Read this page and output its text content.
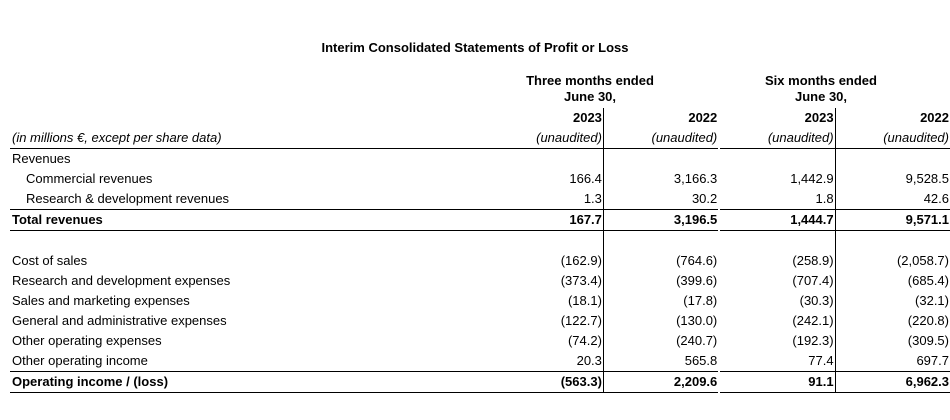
Interim Consolidated Statements of Profit or Loss
Three months ended
June 30,
Six months ended
June 30,
	2023	2022		2023	2022
(in millions €, except per share data)	(unaudited)	(unaudited)		(unaudited)	(unaudited)
Revenues					
Commercial revenues	166.4	3,166.3		1,442.9	9,528.5
Research & development revenues	1.3	30.2		1.8	42.6
Total revenues	167.7	3,196.5		1,444.7	9,571.1

Cost of sales	(162.9)	(764.6)		(258.9)	(2,058.7)
Research and development expenses	(373.4)	(399.6)		(707.4)	(685.4)
Sales and marketing expenses	(18.1)	(17.8)		(30.3)	(32.1)
General and administrative expenses	(122.7)	(130.0)		(242.1)	(220.8)
Other operating expenses	(74.2)	(240.7)		(192.3)	(309.5)
Other operating income	20.3	565.8		77.4	697.7
Operating income / (loss)	(563.3)	2,209.6		91.1	6,962.3
